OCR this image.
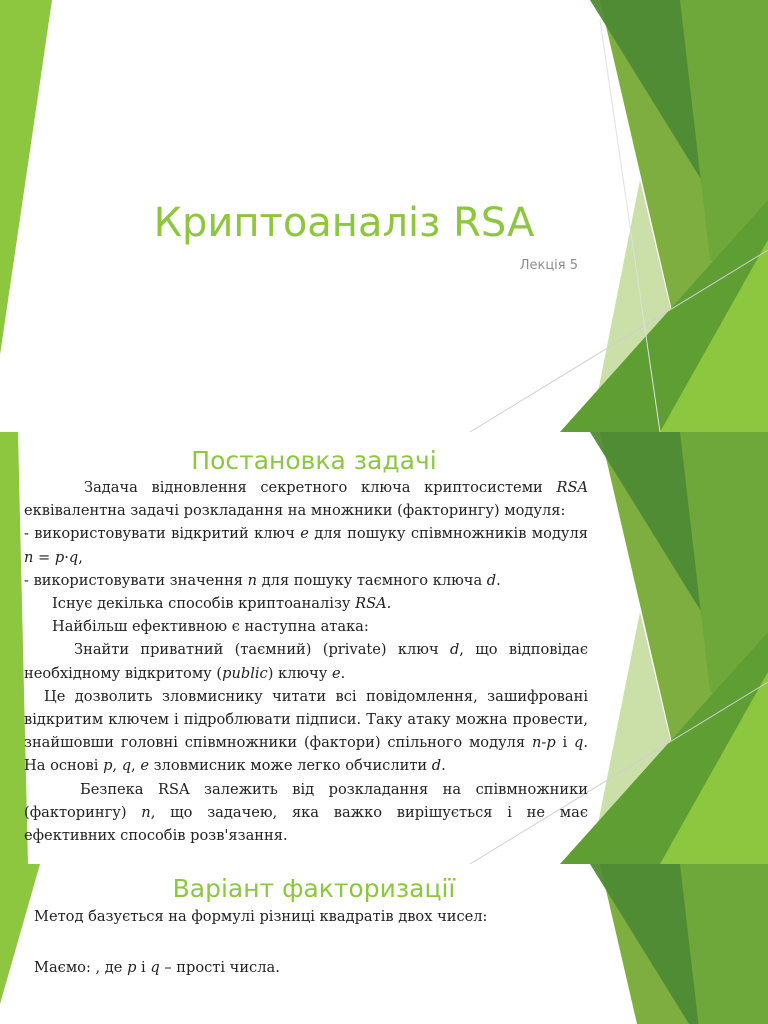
Криптоаналіз RSA

Лекція 5

Постановка задачі

Задача відновлення секретного ключа криптосистеми RSA еквівалентна задачі розкладання на множники (факторингу) модуля:

- використовувати відкритий ключ e для пошуку співмножників модуля n = p·q,

- використовувати значення n для пошуку таємного ключа d.

Існує декілька способів криптоаналізу RSA.

Найбільш ефективною є наступна атака:

Знайти приватний (таємний) (private) ключ d, що відповідає необхідному відкритому (public) ключу e.

Це дозволить зловмиснику читати всі повідомлення, зашифровані відкритим ключем і підроблювати підписи. Таку атаку можна провести, знайшовши головні співмножники (фактори) спільного модуля n-p і q. На основі p, q, e зловмисник може легко обчислити d.

Безпека RSA залежить від розкладання на співмножники (факторингу) n, що задачею, яка важко вирішується і не має ефективних способів розв'язання.

Варіант факторизації

Метод базується на формулі різниці квадратів двох чисел:

Маємо: , де p і q – прості числа.
